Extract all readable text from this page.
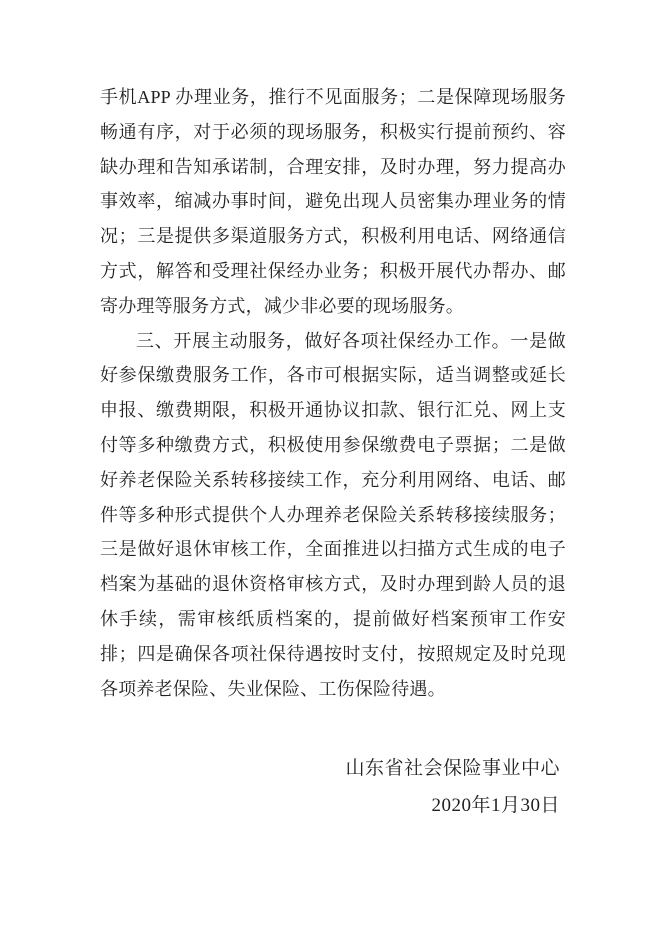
手机APP 办理业务，推行不见面服务；二是保障现场服务畅通有序，对于必须的现场服务，积极实行提前预约、容缺办理和告知承诺制，合理安排，及时办理，努力提高办事效率，缩减办事时间，避免出现人员密集办理业务的情况；三是提供多渠道服务方式，积极利用电话、网络通信方式，解答和受理社保经办业务；积极开展代办帮办、邮寄办理等服务方式，减少非必要的现场服务。

三、开展主动服务，做好各项社保经办工作。一是做好参保缴费服务工作，各市可根据实际，适当调整或延长申报、缴费期限，积极开通协议扣款、银行汇兑、网上支付等多种缴费方式，积极使用参保缴费电子票据；二是做好养老保险关系转移接续工作，充分利用网络、电话、邮件等多种形式提供个人办理养老保险关系转移接续服务；三是做好退休审核工作，全面推进以扫描方式生成的电子档案为基础的退休资格审核方式，及时办理到龄人员的退休手续，需审核纸质档案的，提前做好档案预审工作安排；四是确保各项社保待遇按时支付，按照规定及时兑现各项养老保险、失业保险、工伤保险待遇。

山东省社会保险事业中心
2020年1月30日
